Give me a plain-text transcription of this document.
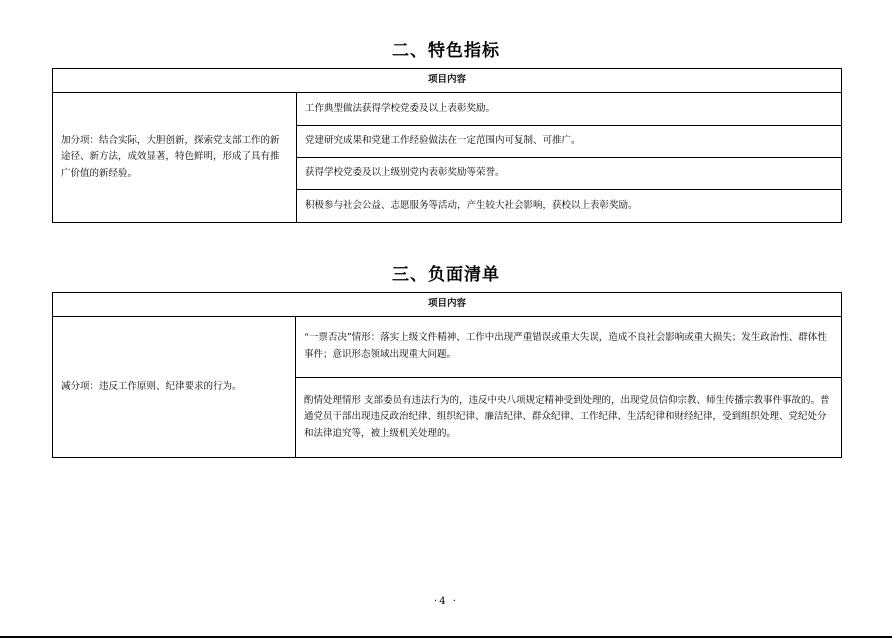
二、特色指标
项目内容
加分项：结合实际，大胆创新，探索党支部工作的新途径、新方法，成效显著，特色鲜明，形成了具有推广价值的新经验。	工作典型做法获得学校党委及以上表彰奖励。
党建研究成果和党建工作经验做法在一定范围内可复制、可推广。
获得学校党委及以上级别党内表彰奖励等荣誉。
积极参与社会公益、志愿服务等活动，产生较大社会影响，获校以上表彰奖励。
三、负面清单
项目内容
减分项：违反工作原则、纪律要求的行为。	“一票否决”情形：落实上级文件精神、工作中出现严重错误或重大失误，造成不良社会影响或重大损失；发生政治性、群体性事件；意识形态领域出现重大问题。
酌情处理情形 支部委员有违法行为的，违反中央八项规定精神受到处理的，出现党员信仰宗教、师生传播宗教事件事故的。普通党员干部出现违反政治纪律、组织纪律、廉洁纪律、群众纪律、工作纪律、生活纪律和财经纪律，受到组织处理、党纪处分和法律追究等，被上级机关处理的。
·4 ·
